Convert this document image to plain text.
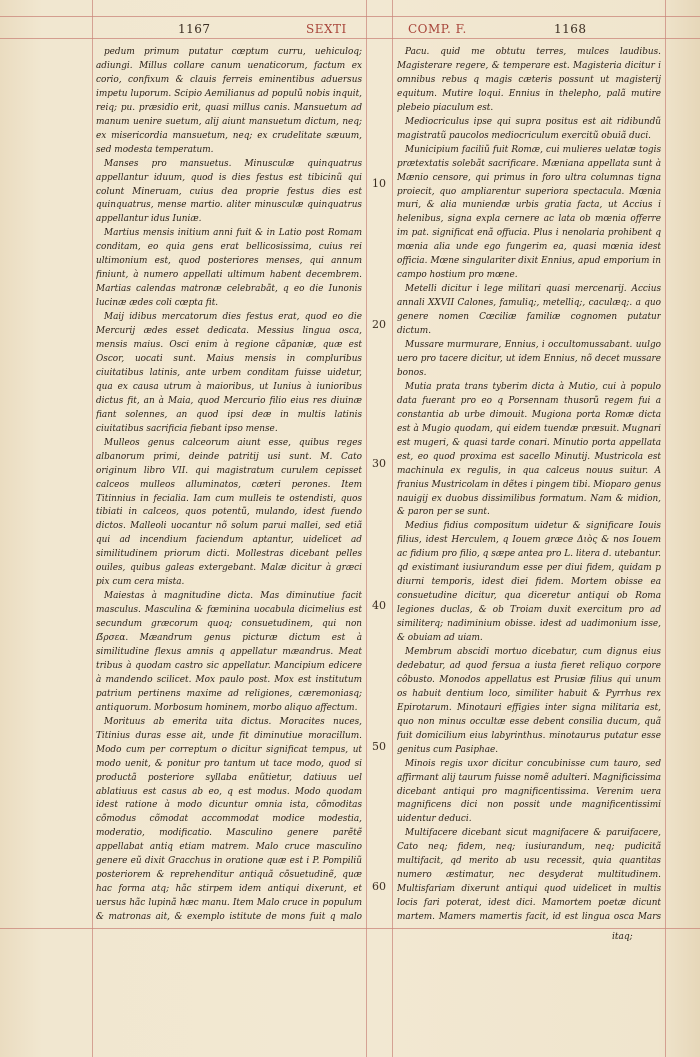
1167	SEXTI	COMP. F.	1168
10
20
30
40
50
60

pedum primum putatur cœptum curru, uehiculoq; adiungi. Millus collare canum uenaticorum, factum ex corio, confixum & clauis ferreis eminentibus aduersus impetu luporum. Scipio Aemilianus ad populũ nobis inquit, reiq; pu. præsidio erit, quasi millus canis. Mansuetum ad manum uenire suetum, alij aiunt mansuetum dictum, neq; ex misericordia mansuetum, neq; ex crudelitate sæuum, sed modesta temperatum.

Manses pro mansuetus. Minusculæ quinquatrus appellantur iduum, quod is dies festus est tibicinũ qui colunt Mineruam, cuius dea proprie festus dies est quinquatrus, mense martio. aliter minusculæ quinquatrus appellantur idus Iuniæ.

Martius mensis initium anni fuit & in Latio post Romam conditam, eo quia gens erat bellicosissima, cuius rei ultimonium est, quod posteriores menses, qui annum finiunt, à numero appellati ultimum habent decembrem. Martias calendas matronæ celebrabãt, q eo die Iunonis lucinæ ædes coli cœpta fit.

Maij idibus mercatorum dies festus erat, quod eo die Mercurij ædes esset dedicata. Messius lingua osca, mensis maius. Osci enim à regione cãpaniæ, quæ est Oscor, uocati sunt. Maius mensis in compluribus ciuitatibus latinis, ante urbem conditam fuisse uidetur, qua ex causa utrum à maioribus, ut Iunius à iunioribus dictus fit, an à Maia, quod Mercurio filio eius res diuinæ fiant solennes, an quod ipsi deæ in multis latinis ciuitatibus sacrificia fiebant ipso mense.

Mulleos genus calceorum aiunt esse, quibus reges albanorum primi, deinde patritij usi sunt. M. Cato originum libro VII. qui magistratum curulem cepisset calceos mulleos alluminatos, cæteri perones. Item Titinnius in fecialia. Iam cum mulleis te ostendisti, quos tibiati in calceos, quos potentũ, mulando, idest fuendo dictos. Malleoli uocantur nõ solum parui mallei, sed etiã qui ad incendium faciendum aptantur, uidelicet ad similitudinem priorum dicti. Mollestras dicebant pelles ouiles, quibus galeas extergebant. Malæ dicitur à græci pix cum cera mista.

Maiestas à magnitudine dicta. Mas diminutiue facit masculus. Masculina & fœminina uocabula dicimelius est secundum græcorum quoq; consuetudinem, qui non ẞρσεα. Mæandrum genus picturæ dictum est à similitudine flexus amnis q appellatur mæandrus. Meat tribus à quodam castro sic appellatur. Mancipium edicere à mandendo scilicet. Mox paulo post. Mox est institutum patrium pertinens maxime ad religiones, cæremoniasq; antiquorum. Morbosum hominem, morbo aliquo affectum.

Morituus ab emerita uita dictus. Moracites nuces, Titinius duras esse ait, unde fit diminutiue moracillum. Modo cum per correptum o dicitur significat tempus, ut modo uenit, & ponitur pro tantum ut tace modo, quod si productã posteriore syllaba enũtietur, datiuus uel ablatiuus est casus ab eo, q est modus. Modo quodam idest ratione à modo dicuntur omnia ista, cõmoditas cõmodus cõmodat accommodat modice modestia, moderatio, modificatio. Masculino genere parẽtẽ appellabat antiq etiam matrem. Malo cruce masculino genere eũ dixit Gracchus in oratione quæ est i P. Pompiliũ posteriorem & reprehenditur antiquã cõsuetudinẽ, quæ hac forma atq; hãc stirpem idem antiqui dixerunt, et uersus hãc lupinã hæc manu. Item Malo cruce in populum & matronas ait, & exemplo istitute de mons fuit q malo

Pacu. quid me obtutu terres, mulces laudibus. Magisterare regere, & temperare est. Magisteria dicitur i omnibus rebus q magis cæteris possunt ut magisterij equitum. Mutire loqui. Ennius in thelepho, palã mutire plebeio piaculum est.

Mediocriculus ipse qui supra positus est ait ridibundũ magistratũ paucolos mediocriculum exercitũ obuiã duci.

Municipium faciliũ fuit Romæ, cui mulieres uelatæ togis prætextatis solebãt sacrificare. Mæniana appellata sunt à Mænio censore, qui primus in foro ultra columnas tigna proiecit, quo ampliarentur superiora spectacula. Mœnia muri, & alia muniendæ urbis gratia facta, ut Accius i helenibus, signa expla cernere ac lata ob mœnia offerre im pat. significat enã offucia. Plus i nenolaria prohibent q mœnia alia unde ego fungerim ea, quasi mœnia idest officia. Mœne singulariter dixit Ennius, apud emporium in campo hostium pro mœne.

Metelli dicitur i lege militari quasi mercenarij. Accius annali XXVII Calones, famuliq;, metelliq;, caculæq;. a quo genere nomen Cœciliæ familiæ cognomen putatur dictum.

Mussare murmurare, Ennius, i occultomussabant. uulgo uero pro tacere dicitur, ut idem Ennius, nõ decet mussare bonos.

Mutia prata trans tyberim dicta à Mutio, cui à populo data fuerant pro eo q Porsennam thusorũ regem fui a constantia ab urbe dimouit. Mugiona porta Romæ dicta est à Mugio quodam, qui eidem tuendæ præsuit. Mugnari est mugeri, & quasi tarde conari. Minutio porta appellata est, eo quod proxima est sacello Minutij. Mustricola est machinula ex regulis, in qua calceus nouus suitur. A franius Mustricolam in dẽtes i pingem tibi. Mioparo genus nauigij ex duobus dissimilibus formatum. Nam & midion, & paron per se sunt.

Medius fidius compositum uidetur & significare Iouis filius, idest Herculem, q Iouem græce Διὸς & nos Iouem ac fidium pro filio, q sæpe antea pro L. litera d. utebantur. qd existimant iusiurandum esse per diui fidem, quidam p diurni temporis, idest diei fidem. Mortem obisse ea consuetudine dicitur, qua diceretur antiqui ob Roma legiones duclas, & ob Troiam duxit exercitum pro ad similiterq; nadiminium obisse. idest ad uadimonium isse, & obuiam ad uiam.

Membrum abscidi mortuo dicebatur, cum dignus eius dedebatur, ad quod fersua a iusta fieret reliquo corpore côbusto. Monodos appellatus est Prusiæ filius qui unum os habuit dentium loco, similiter habuit & Pyrrhus rex Epirotarum. Minotauri effigies inter signa militaria est, quo non minus occultæ esse debent consilia ducum, quã fuit domicilium eius labyrinthus. minotaurus putatur esse genitus cum Pasiphae.

Minois regis uxor dicitur concubinisse cum tauro, sed affirmant alij taurum fuisse nomẽ adulteri. Magnificissima dicebant antiqui pro magnificentissima. Verenim uera magnificens dici non possit unde magnificentissimi uidentur deduci.

Multifacere dicebant sicut magnifacere & paruifacere, Cato neq; fidem, neq; iusiurandum, neq; pudicitã multifacit, qd merito ab usu recessit, quia quantitas numero æstimatur, nec desyderat multitudinem. Multisfariam dixerunt antiqui quod uidelicet in multis locis fari poterat, idest dici. Mamortem poetæ dicunt martem. Mamers mamertis facit, id est lingua osca Mars

itaq;
